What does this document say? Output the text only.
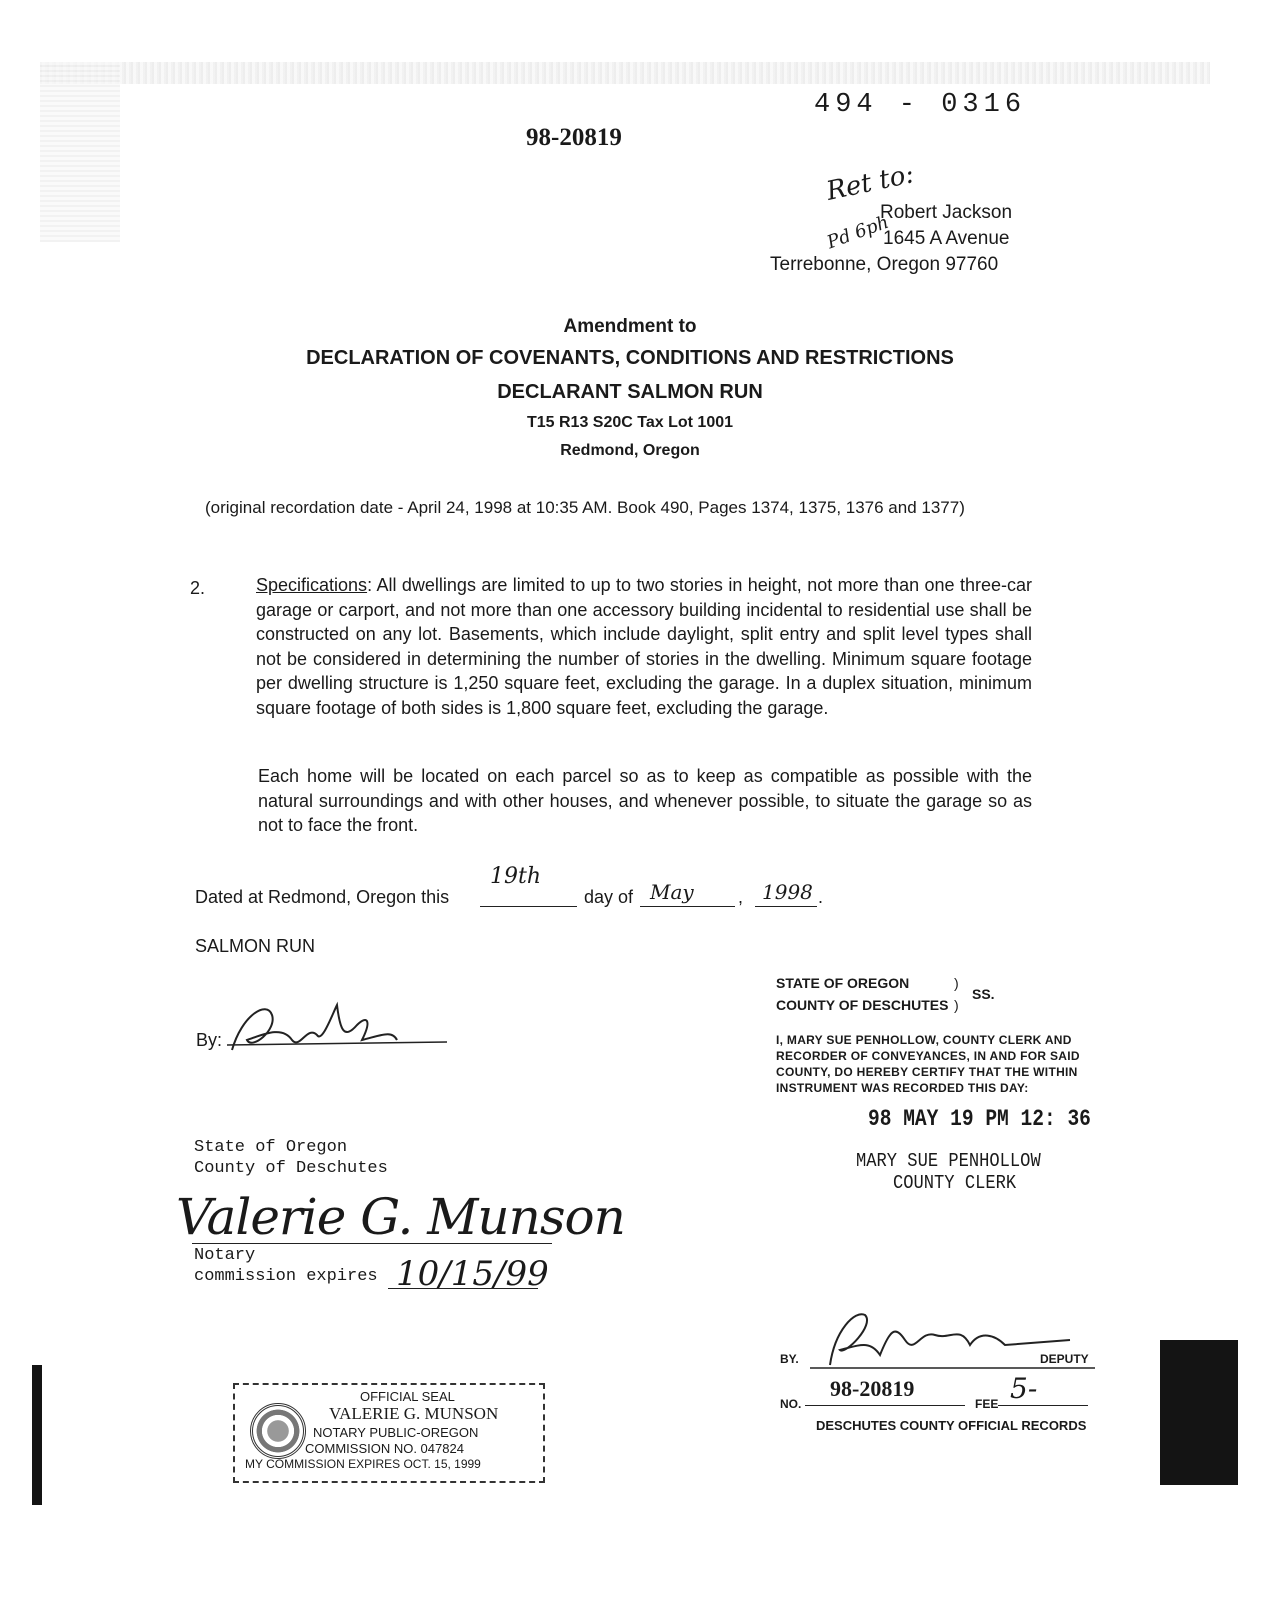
494 - 0316
98-20819
Ret to:
Pd 6ph
Robert Jackson
1645 A Avenue
Terrebonne, Oregon 97760
Amendment to
DECLARATION OF COVENANTS, CONDITIONS AND RESTRICTIONS
DECLARANT SALMON RUN
T15 R13 S20C Tax Lot 1001
Redmond, Oregon
(original recordation date - April 24, 1998 at 10:35 AM. Book 490, Pages 1374, 1375, 1376 and 1377)
2.	Specifications: All dwellings are limited to up to two stories in height, not more than one three-car garage or carport, and not more than one accessory building incidental to residential use shall be constructed on any lot. Basements, which include daylight, split entry and split level types shall not be considered in determining the number of stories in the dwelling. Minimum square footage per dwelling structure is 1,250 square feet, excluding the garage. In a duplex situation, minimum square footage of both sides is 1,800 square feet, excluding the garage.
Each home will be located on each parcel so as to keep as compatible as possible with the natural surroundings and with other houses, and whenever possible, to situate the garage so as not to face the front.
Dated at Redmond, Oregon this
19th
day of May , 1998 .
SALMON RUN
By:
State of Oregon
County of Deschutes
Valerie G. Munson
Notary
commission expires 10/15/99
OFFICIAL SEAL
VALERIE G. MUNSON
NOTARY PUBLIC-OREGON
COMMISSION NO. 047824
MY COMMISSION EXPIRES OCT. 15, 1999
STATE OF OREGON	)
COUNTY OF DESCHUTES )
SS.
I, MARY SUE PENHOLLOW, COUNTY CLERK AND
RECORDER OF CONVEYANCES, IN AND FOR SAID
COUNTY, DO HEREBY CERTIFY THAT THE WITHIN
INSTRUMENT WAS RECORDED THIS DAY:
98 MAY 19 PM 12: 36
MARY SUE PENHOLLOW
COUNTY CLERK
BY.	DEPUTY
NO.
98-20819
FEE 5-
DESCHUTES COUNTY OFFICIAL RECORDS
